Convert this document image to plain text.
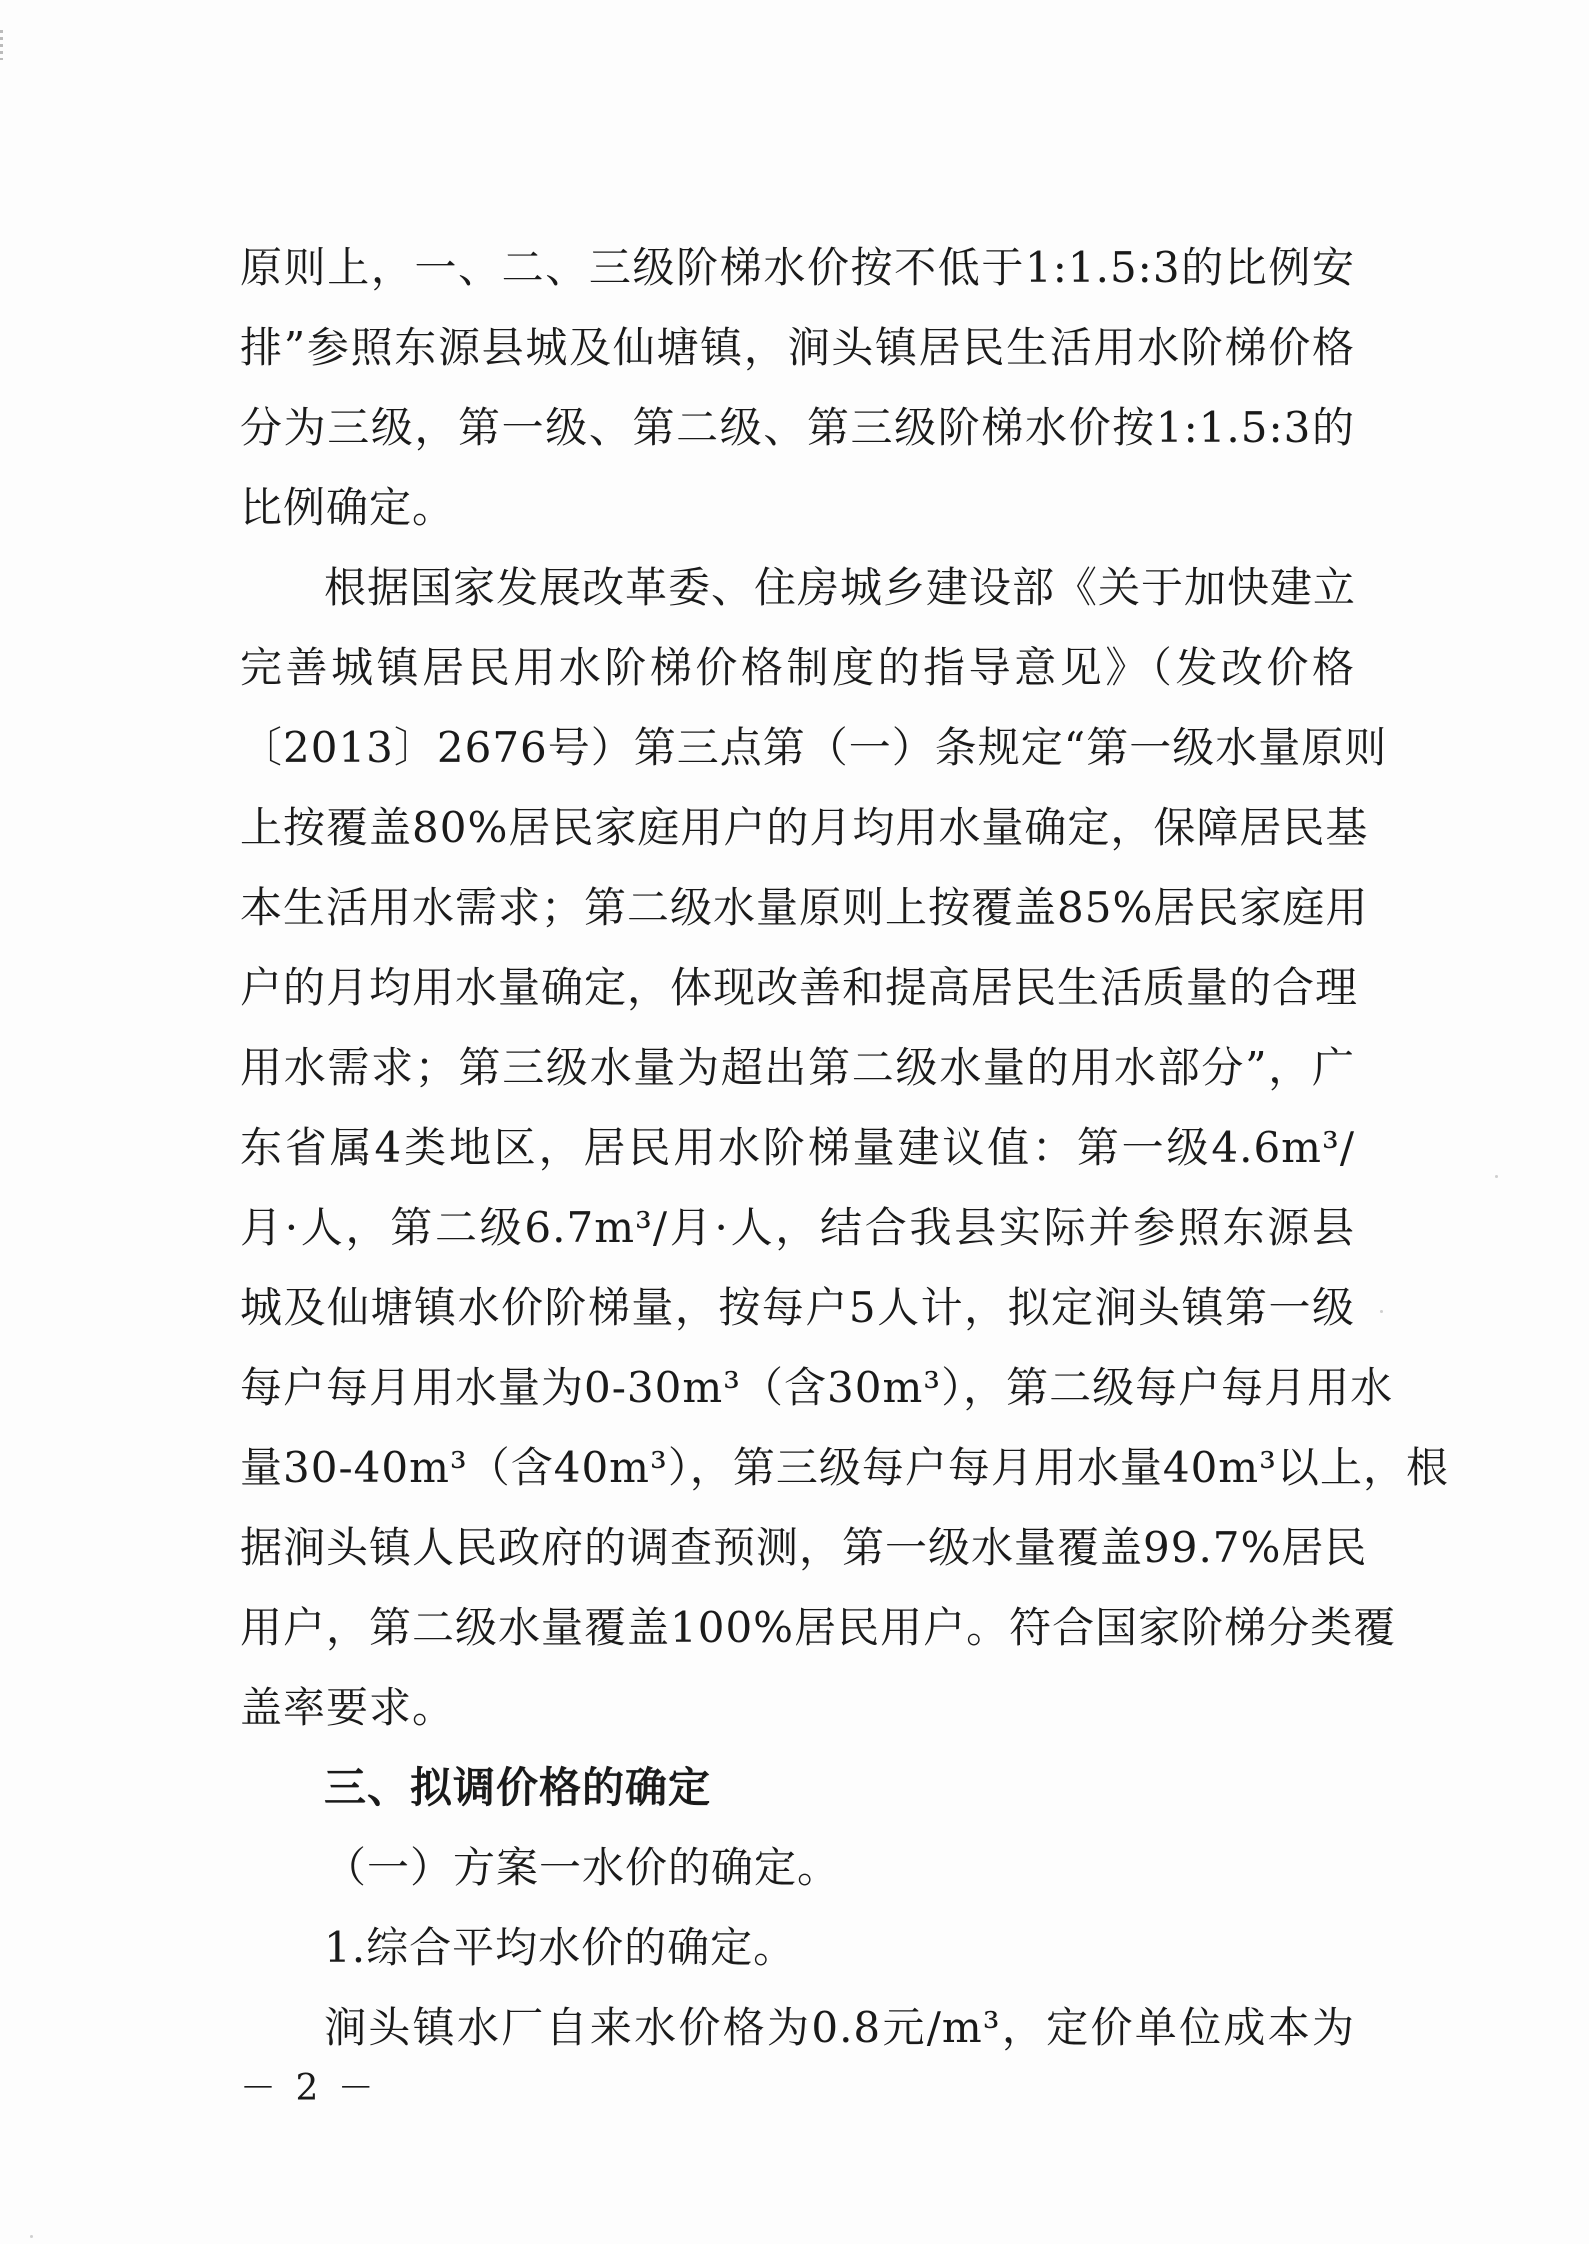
原则上，一、二、三级阶梯水价按不低于1:1.5:3的比例安
排”参照东源县城及仙塘镇，涧头镇居民生活用水阶梯价格
分为三级，第一级、第二级、第三级阶梯水价按1:1.5:3的
比例确定。
根据国家发展改革委、住房城乡建设部《关于加快建立
完善城镇居民用水阶梯价格制度的指导意见》（发改价格
〔2013〕2676号）第三点第（一）条规定“第一级水量原则
上按覆盖80%居民家庭用户的月均用水量确定，保障居民基
本生活用水需求；第二级水量原则上按覆盖85%居民家庭用
户的月均用水量确定，体现改善和提高居民生活质量的合理
用水需求；第三级水量为超出第二级水量的用水部分”，广
东省属4类地区，居民用水阶梯量建议值：第一级4.6m³/
月·人，第二级6.7m³/月·人，结合我县实际并参照东源县
城及仙塘镇水价阶梯量，按每户5人计，拟定涧头镇第一级
每户每月用水量为0-30m³（含30m³），第二级每户每月用水
量30-40m³（含40m³），第三级每户每月用水量40m³以上，根
据涧头镇人民政府的调查预测，第一级水量覆盖99.7%居民
用户，第二级水量覆盖100%居民用户。符合国家阶梯分类覆
盖率要求。
三、拟调价格的确定
（一）方案一水价的确定。
1.综合平均水价的确定。
涧头镇水厂自来水价格为0.8元/m³，定价单位成本为
－ 2 －
